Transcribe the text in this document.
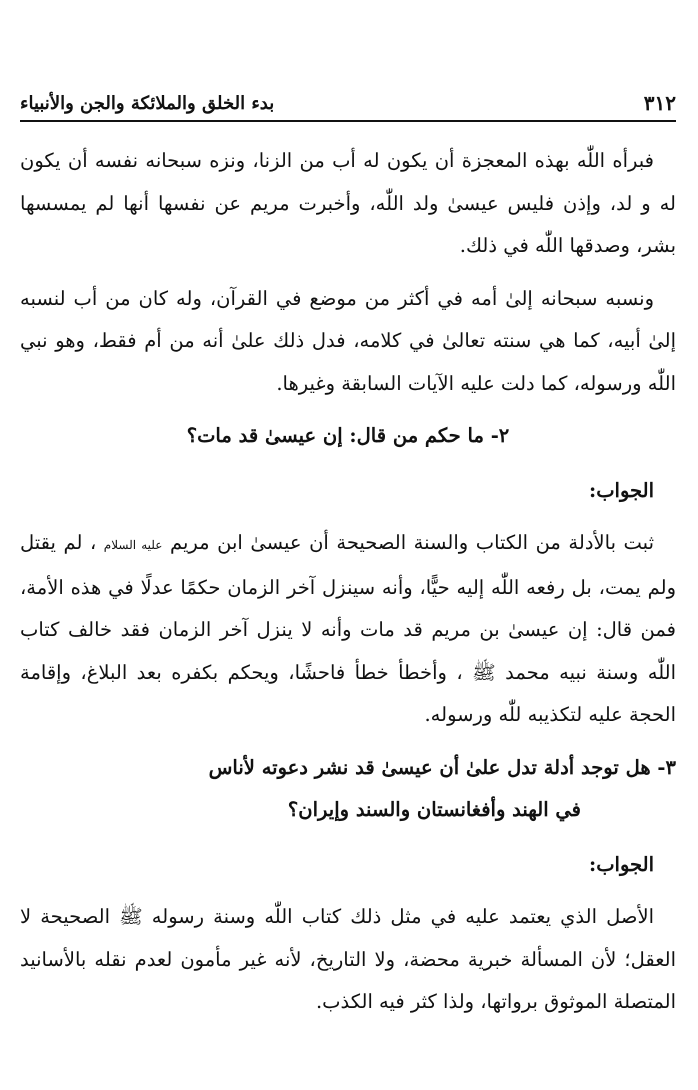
٣١٢
بدء الخلق والملائكة والجن والأنبياء

فبرأه اللّٰه بهذه المعجزة أن يكون له أب من الزنا، ونزه سبحانه نفسه أن يكون له و لد، وإذن فليس عيسىٰ ولد اللّٰه، وأخبرت مريم عن نفسها أنها لم يمسسها بشر، وصدقها اللّٰه في ذلك.

ونسبه سبحانه إلىٰ أمه في أكثر من موضع في القرآن، وله كان من أب لنسبه إلىٰ أبيه، كما هي سنته تعالىٰ في كلامه، فدل ذلك علىٰ أنه من أم فقط، وهو نبي اللّٰه ورسوله، كما دلت عليه الآيات السابقة وغيرها.

٢- ما حكم من قال: إن عيسىٰ قد مات؟
الجواب:

ثبت بالأدلة من الكتاب والسنة الصحيحة أن عيسىٰ ابن مريم عليه السلام ، لم يقتل ولم يمت، بل رفعه اللّٰه إليه حيًّا، وأنه سينزل آخر الزمان حكمًا عدلًا في هذه الأمة، فمن قال: إن عيسىٰ بن مريم قد مات وأنه لا ينزل آخر الزمان فقد خالف كتاب اللّٰه وسنة نبيه محمد ﷺ ، وأخطأ خطأ فاحشًا، ويحكم بكفره بعد البلاغ، وإقامة الحجة عليه لتكذيبه للّٰه ورسوله.

٣- هل توجد أدلة تدل علىٰ أن عيسىٰ قد نشر دعوته لأناس
في الهند وأفغانستان والسند وإيران؟
الجواب:

الأصل الذي يعتمد عليه في مثل ذلك كتاب اللّٰه وسنة رسوله ﷺ الصحيحة لا العقل؛ لأن المسألة خبرية محضة، ولا التاريخ، لأنه غير مأمون لعدم نقله بالأسانيد المتصلة الموثوق برواتها، ولذا كثر فيه الكذب.
